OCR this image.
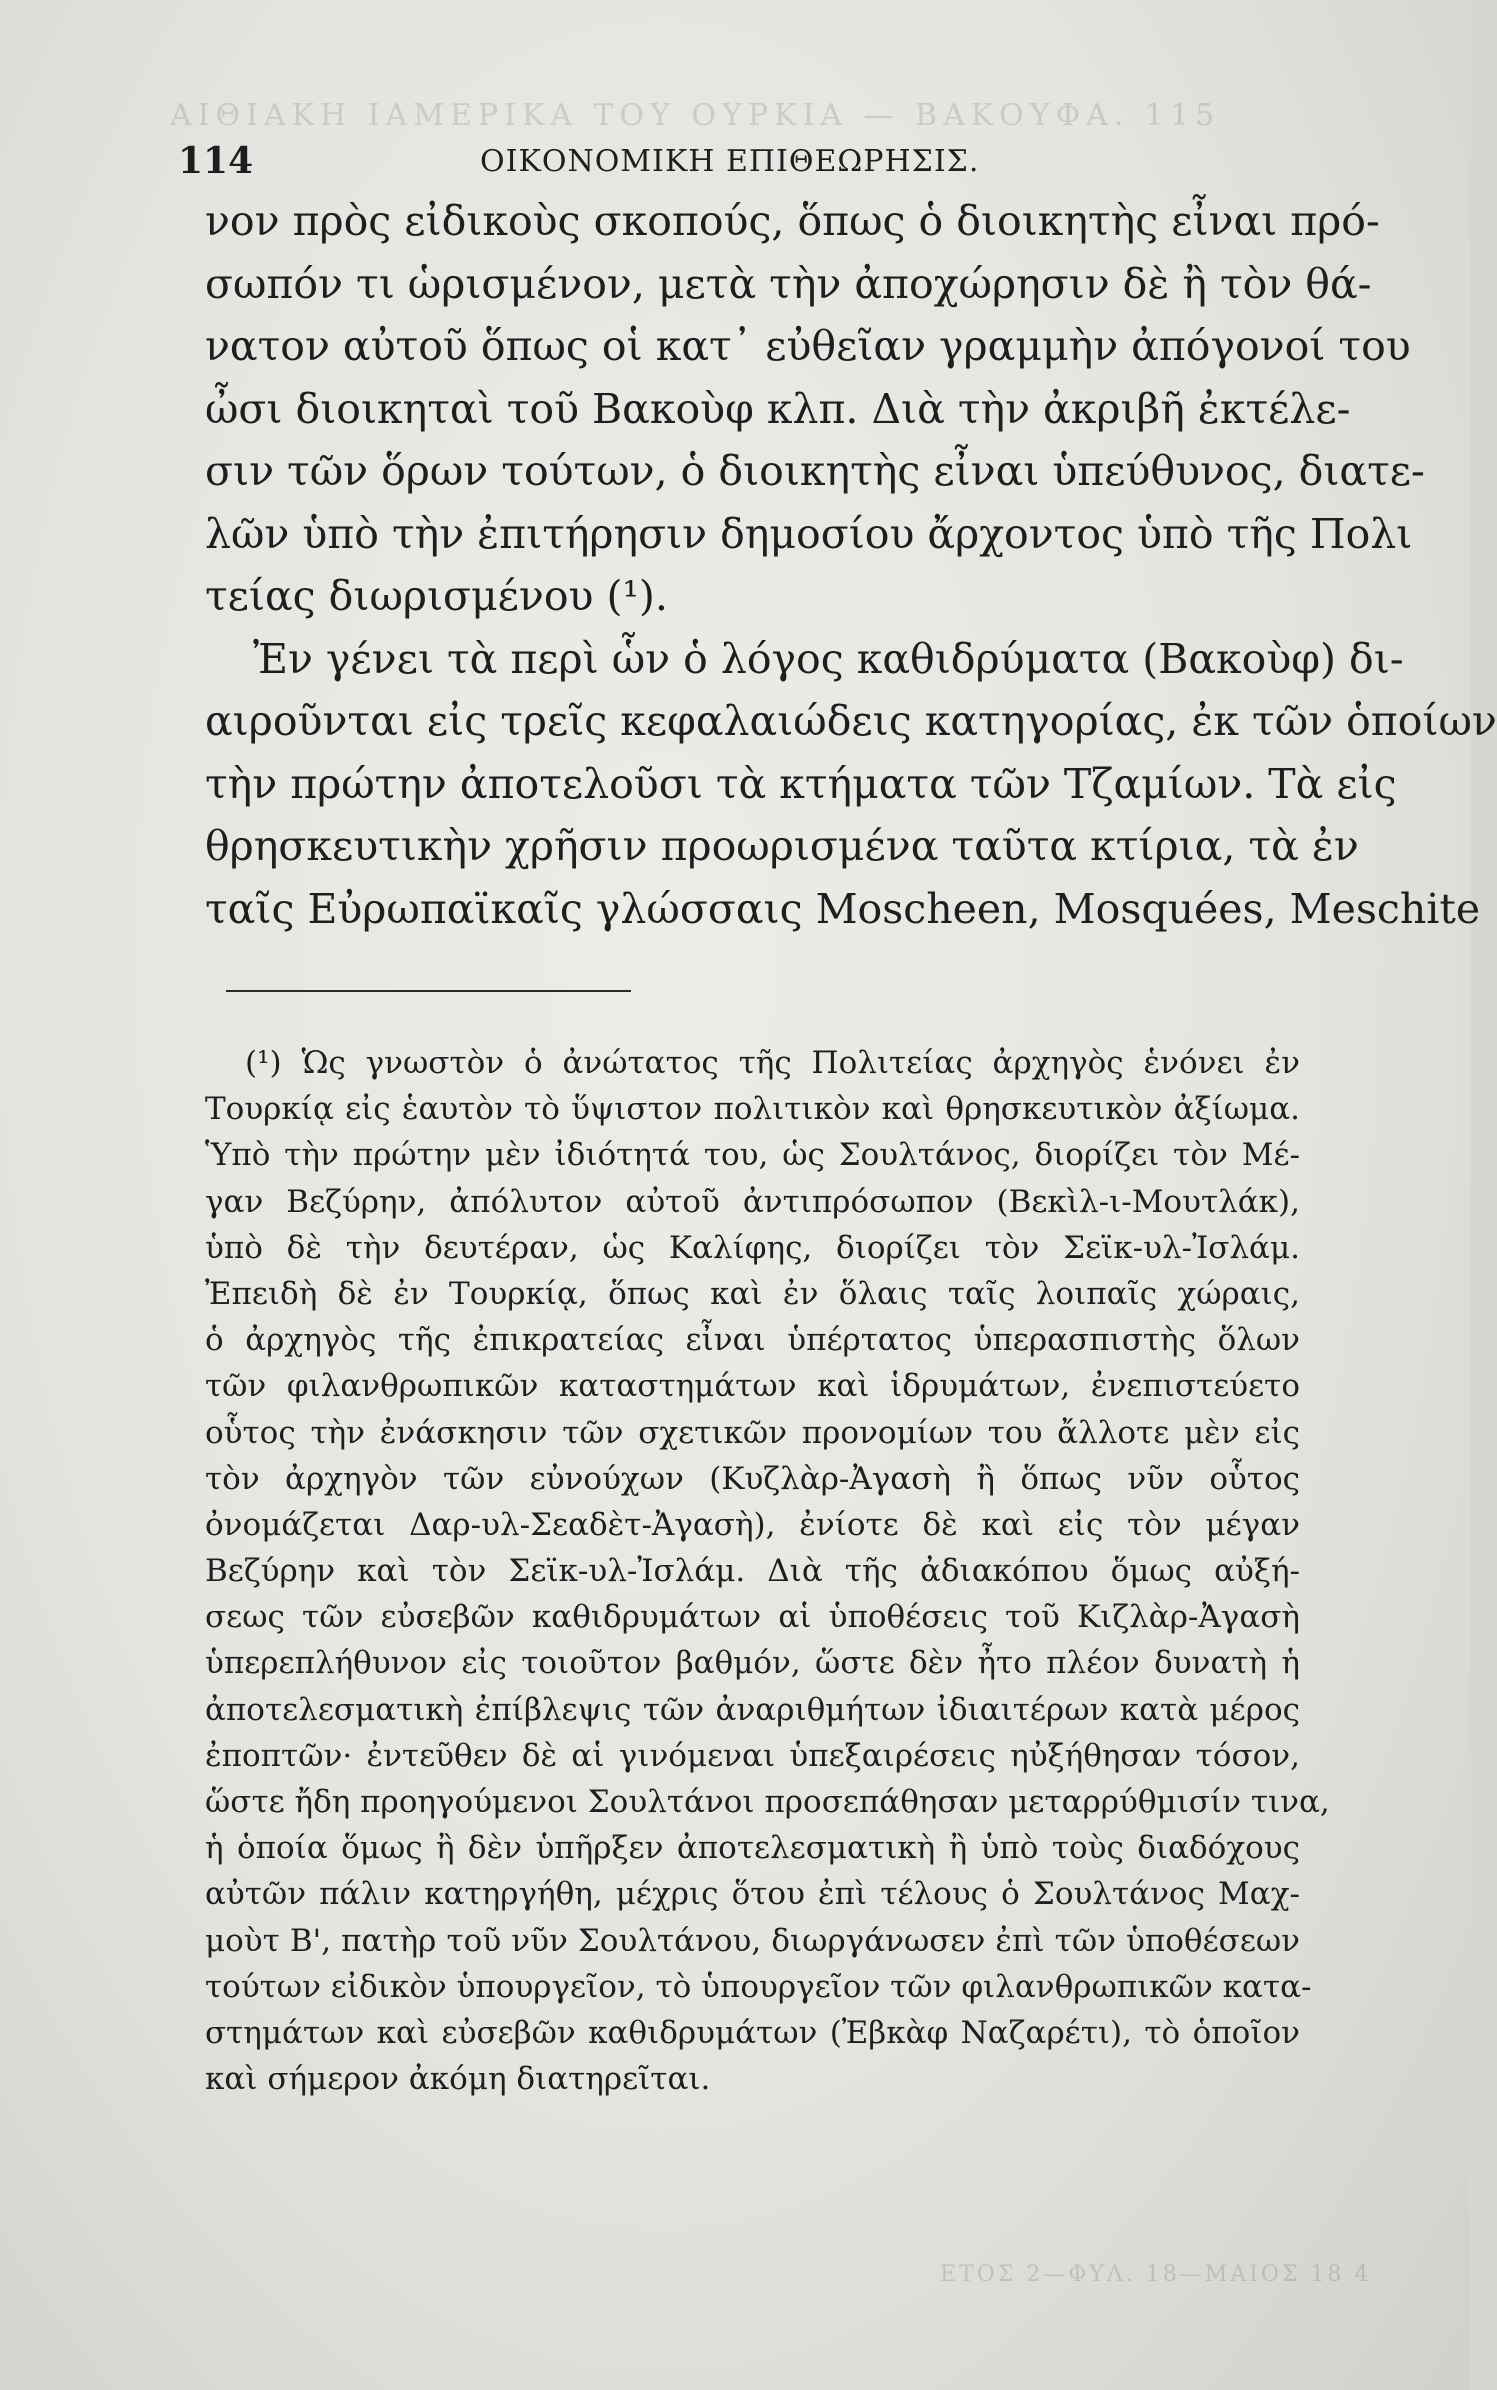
ΑΙΘΙΑΚΗ ΙΑΜΕΡΙΚΑ ΤΟΥ ΟΥΡΚΙΑ — ΒΑΚΟΥΦΑ. 115
114	ΟΙΚΟΝΟΜΙΚΗ ΕΠΙΘΕΩΡΗΣΙΣ.
νον πρὸς εἰδικοὺς σκοπούς, ὅπως ὁ διοικητὴς εἶναι πρό-
σωπόν τι ὡρισμένον, μετὰ τὴν ἀποχώρησιν δὲ ἢ τὸν θά-
νατον αὐτοῦ ὅπως οἱ κατ᾽ εὐθεῖαν γραμμὴν ἀπόγονοί του
ὦσι διοικηταὶ τοῦ Βακοὺφ κλπ. Διὰ τὴν ἀκριβῆ ἐκτέλε-
σιν τῶν ὅρων τούτων, ὁ διοικητὴς εἶναι ὑπεύθυνος, διατε-
λῶν ὑπὸ τὴν ἐπιτήρησιν δημοσίου ἄρχοντος ὑπὸ τῆς Πολι
τείας διωρισμένου (¹).
Ἐν γένει τὰ περὶ ὧν ὁ λόγος καθιδρύματα (Βακοὺφ) δι-
αιροῦνται εἰς τρεῖς κεφαλαιώδεις κατηγορίας, ἐκ τῶν ὁποίων
τὴν πρώτην ἀποτελοῦσι τὰ κτήματα τῶν Τζαμίων. Τὰ εἰς
θρησκευτικὴν χρῆσιν προωρισμένα ταῦτα κτίρια, τὰ ἐν
ταῖς Εὐρωπαϊκαῖς γλώσσαις Moscheen, Mosquées, Meschite
(¹) Ὡς γνωστὸν ὁ ἀνώτατος τῆς Πολιτείας ἀρχηγὸς ἑνόνει ἐν
Τουρκίᾳ εἰς ἑαυτὸν τὸ ὕψιστον πολιτικὸν καὶ θρησκευτικὸν ἀξίωμα.
Ὑπὸ τὴν πρώτην μὲν ἰδιότητά του, ὡς Σουλτάνος, διορίζει τὸν Μέ-
γαν Βεζύρην, ἀπόλυτον αὐτοῦ ἀντιπρόσωπον (Βεκὶλ-ι-Μουτλάκ),
ὑπὸ δὲ τὴν δευτέραν, ὡς Καλίφης, διορίζει τὸν Σεϊκ-υλ-Ἰσλάμ.
Ἐπειδὴ δὲ ἐν Τουρκίᾳ, ὅπως καὶ ἐν ὅλαις ταῖς λοιπαῖς χώραις,
ὁ ἀρχηγὸς τῆς ἐπικρατείας εἶναι ὑπέρτατος ὑπερασπιστὴς ὅλων
τῶν φιλανθρωπικῶν καταστημάτων καὶ ἱδρυμάτων, ἐνεπιστεύετο
οὗτος τὴν ἐνάσκησιν τῶν σχετικῶν προνομίων του ἄλλοτε μὲν εἰς
τὸν ἀρχηγὸν τῶν εὐνούχων (Κυζλὰρ-Ἀγασὴ ἢ ὅπως νῦν οὗτος
ὀνομάζεται Δαρ-υλ-Σεαδὲτ-Ἀγασὴ), ἐνίοτε δὲ καὶ εἰς τὸν μέγαν
Βεζύρην καὶ τὸν Σεϊκ-υλ-Ἰσλάμ. Διὰ τῆς ἀδιακόπου ὅμως αὐξή-
σεως τῶν εὐσεβῶν καθιδρυμάτων αἱ ὑποθέσεις τοῦ Κιζλὰρ-Ἀγασὴ
ὑπερεπλήθυνον εἰς τοιοῦτον βαθμόν, ὥστε δὲν ἦτο πλέον δυνατὴ ἡ
ἀποτελεσματικὴ ἐπίβλεψις τῶν ἀναριθμήτων ἰδιαιτέρων κατὰ μέρος
ἐποπτῶν· ἐντεῦθεν δὲ αἱ γινόμεναι ὑπεξαιρέσεις ηὐξήθησαν τόσον,
ὥστε ἤδη προηγούμενοι Σουλτάνοι προσεπάθησαν μεταρρύθμισίν τινα,
ἡ ὁποία ὅμως ἢ δὲν ὑπῆρξεν ἀποτελεσματικὴ ἢ ὑπὸ τοὺς διαδόχους
αὐτῶν πάλιν κατηργήθη, μέχρις ὅτου ἐπὶ τέλους ὁ Σουλτάνος Μαχ-
μοὺτ Β', πατὴρ τοῦ νῦν Σουλτάνου, διωργάνωσεν ἐπὶ τῶν ὑποθέσεων
τούτων εἰδικὸν ὑπουργεῖον, τὸ ὑπουργεῖον τῶν φιλανθρωπικῶν κατα-
στημάτων καὶ εὐσεβῶν καθιδρυμάτων (Ἐβκὰφ Ναζαρέτι), τὸ ὁποῖον
καὶ σήμερον ἀκόμη διατηρεῖται.
ΕΤΟΣ 2—ΦΥΛ. 18—ΜΑΙΟΣ 18 4
